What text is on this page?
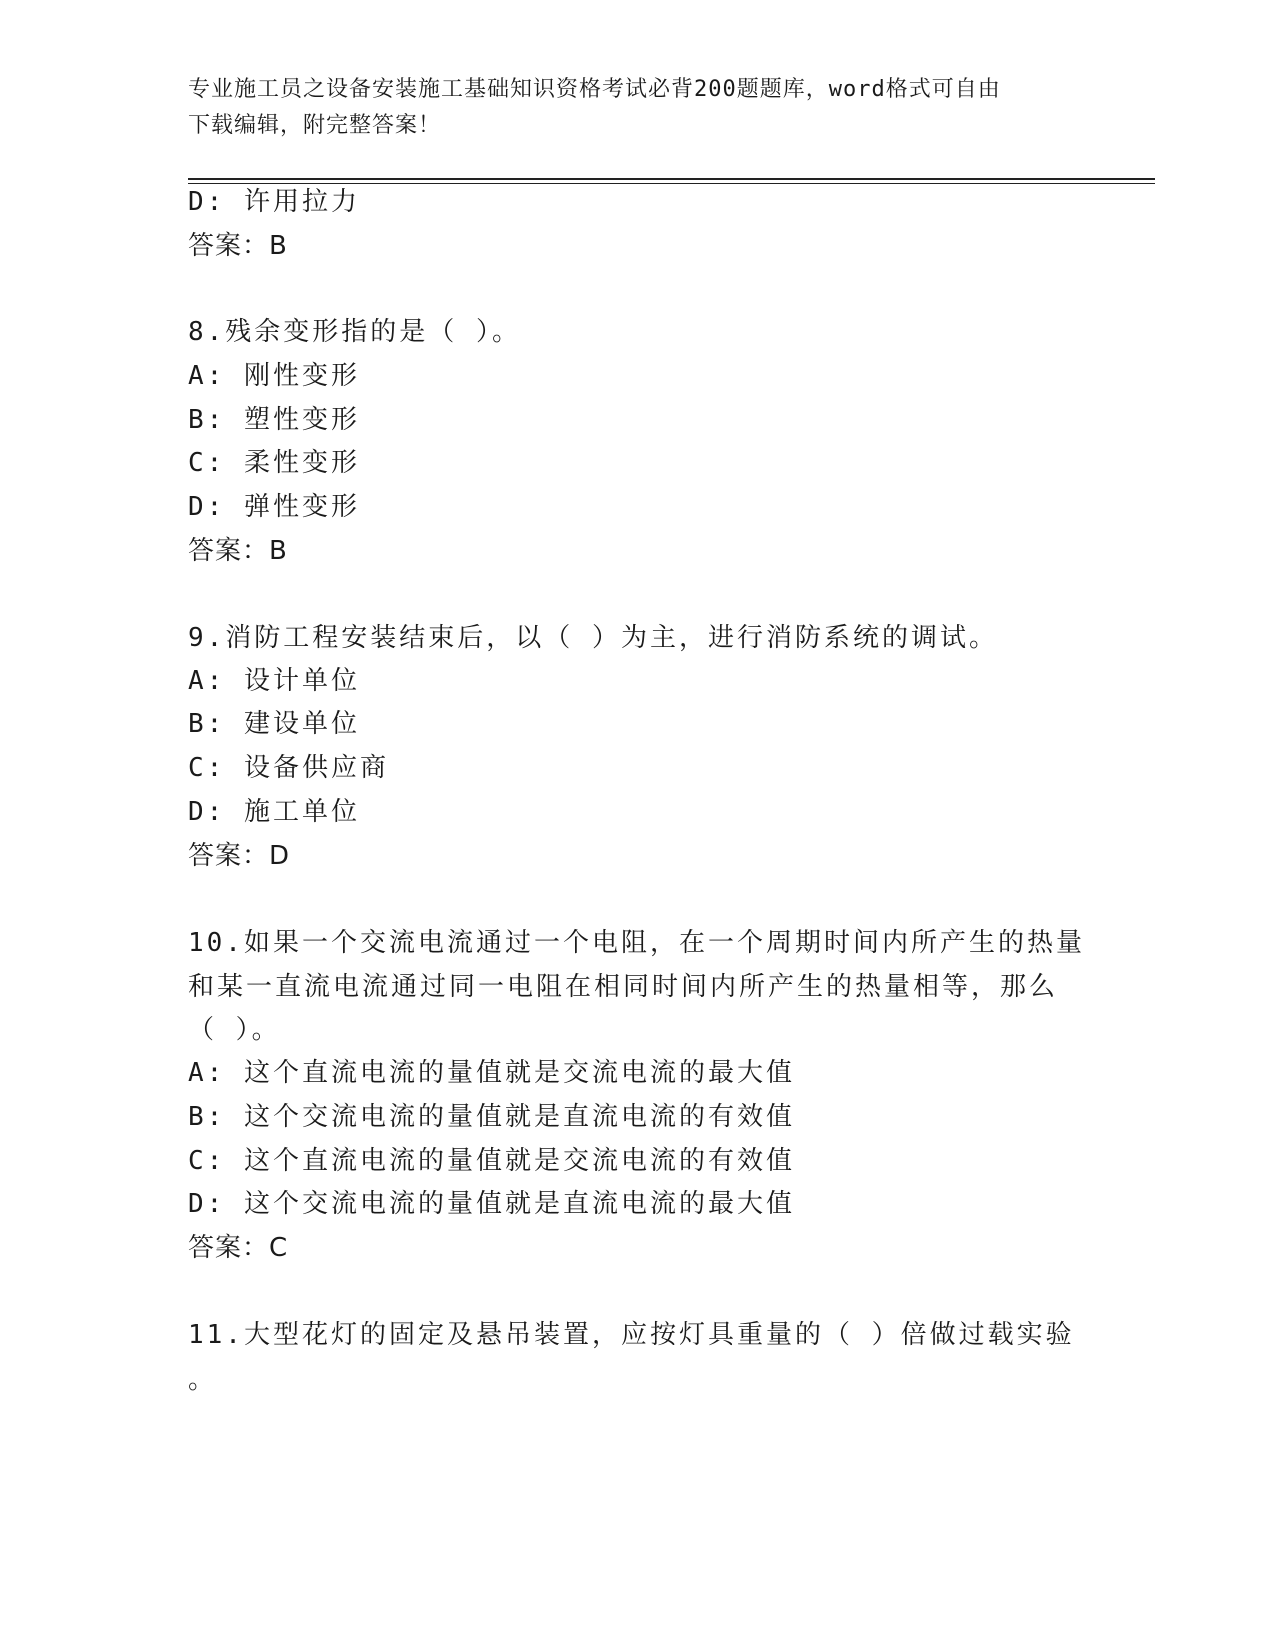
专业施工员之设备安装施工基础知识资格考试必背200题题库，word格式可自由
下载编辑，附完整答案！
D: 许用拉力
答案：B
8.残余变形指的是（ ）。
A: 刚性变形
B: 塑性变形
C: 柔性变形
D: 弹性变形
答案：B
9.消防工程安装结束后，以（ ）为主，进行消防系统的调试。
A: 设计单位
B: 建设单位
C: 设备供应商
D: 施工单位
答案：D
10.如果一个交流电流通过一个电阻，在一个周期时间内所产生的热量
和某一直流电流通过同一电阻在相同时间内所产生的热量相等，那么
（ ）。
A: 这个直流电流的量值就是交流电流的最大值
B: 这个交流电流的量值就是直流电流的有效值
C: 这个直流电流的量值就是交流电流的有效值
D: 这个交流电流的量值就是直流电流的最大值
答案：C
11.大型花灯的固定及悬吊装置，应按灯具重量的（ ）倍做过载实验
。
